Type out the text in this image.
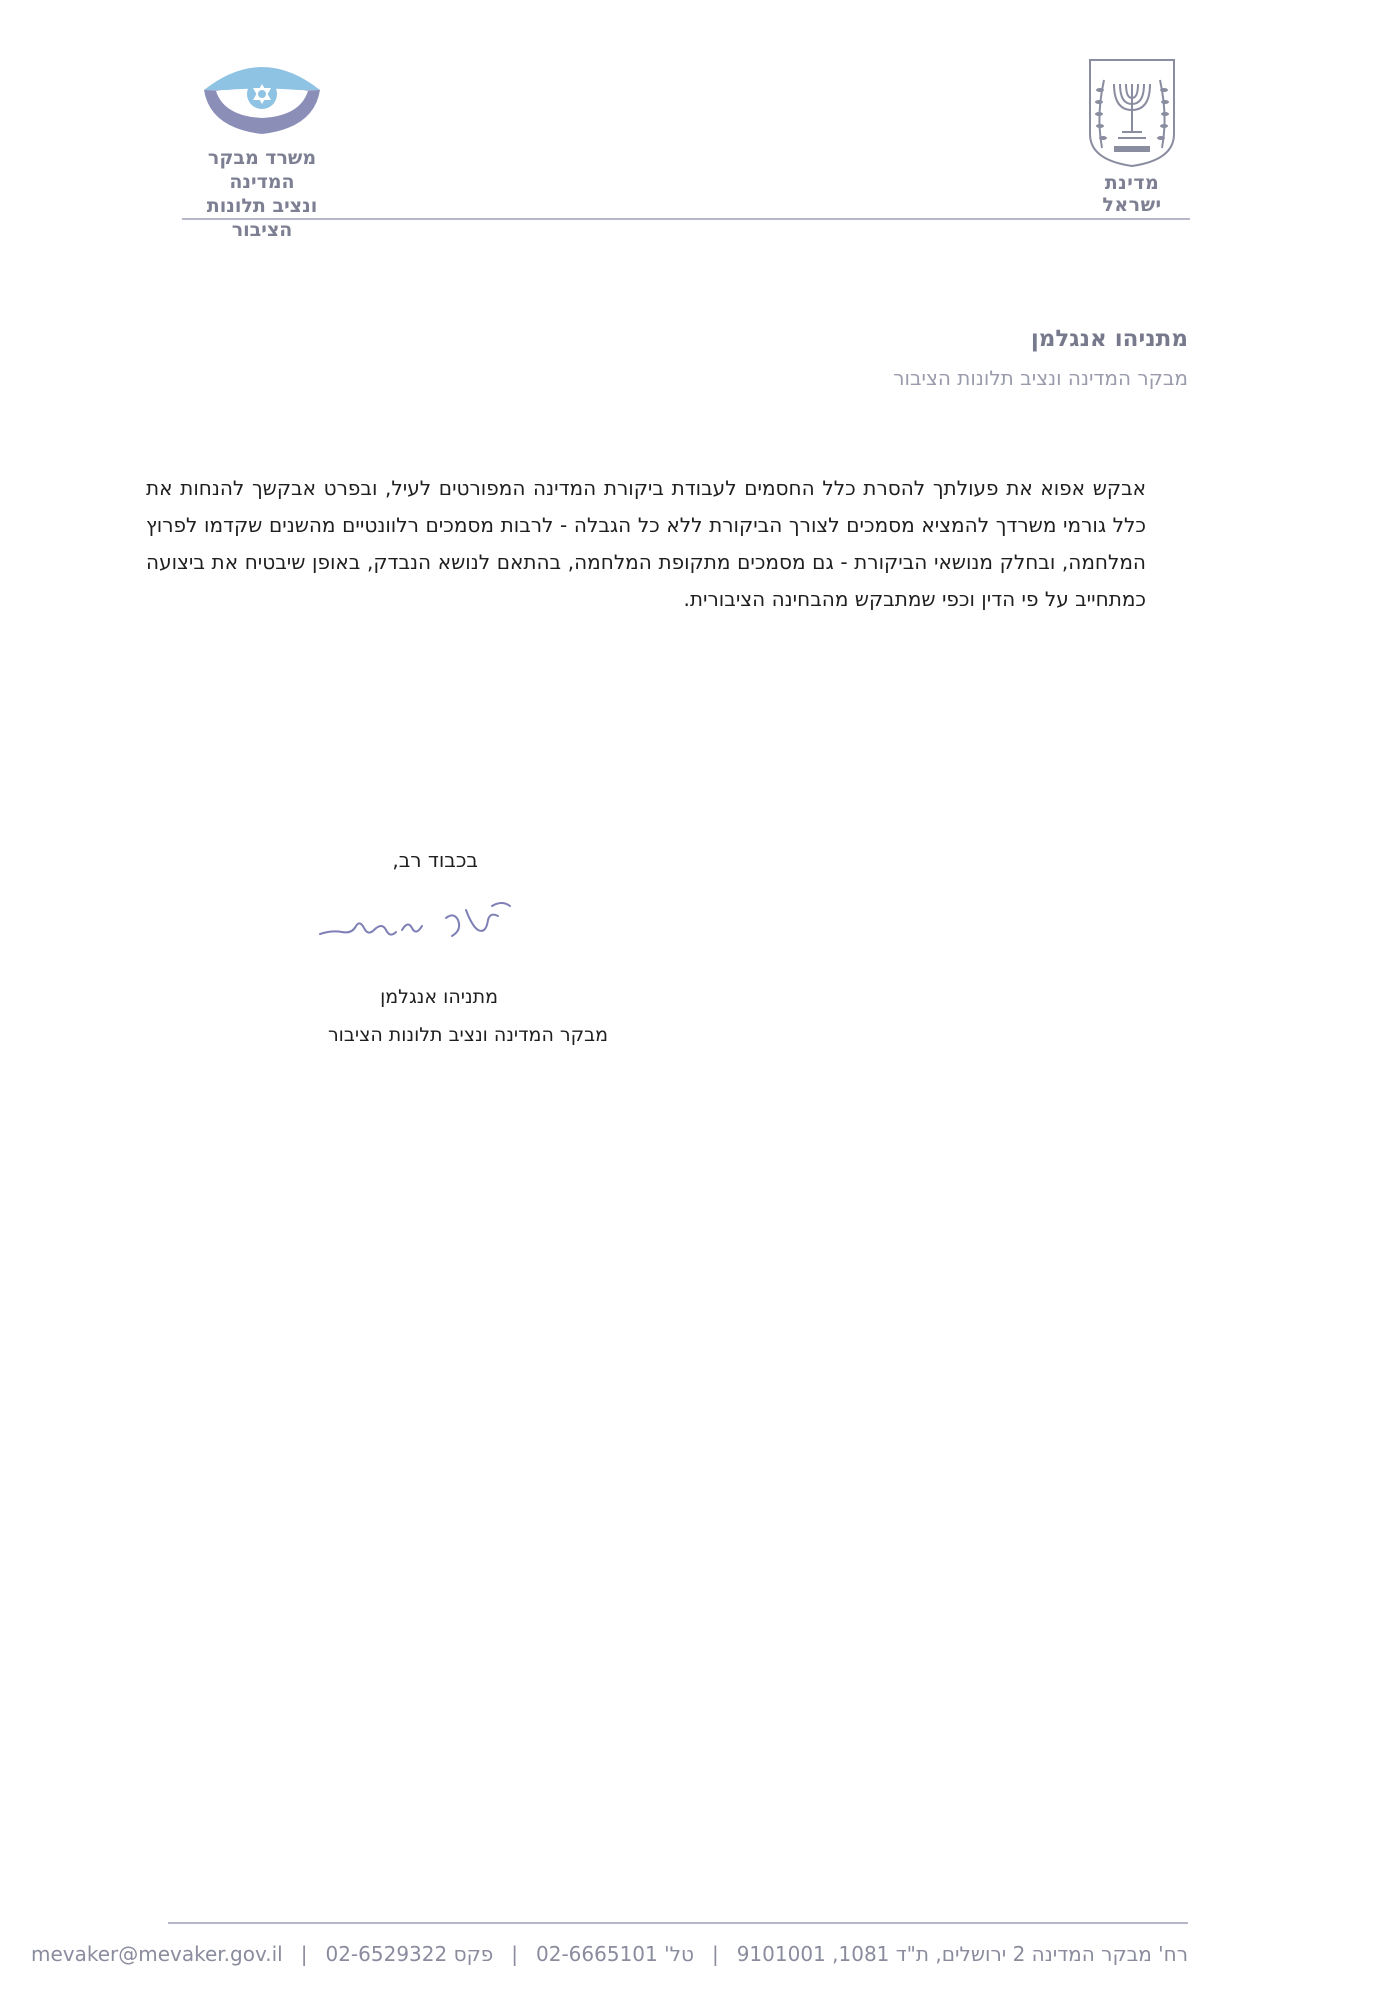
מדינת ישראל
משרד מבקר המדינה
ונציב תלונות הציבור
מתניהו אנגלמן
מבקר המדינה ונציב תלונות הציבור

אבקש אפוא את פעולתך להסרת כלל החסמים לעבודת ביקורת המדינה המפורטים לעיל, ובפרט אבקשך להנחות את כלל גורמי משרדך להמציא מסמכים לצורך הביקורת ללא כל הגבלה - לרבות מסמכים רלוונטיים מהשנים שקדמו לפרוץ המלחמה, ובחלק מנושאי הביקורת - גם מסמכים מתקופת המלחמה, בהתאם לנושא הנבדק, באופן שיבטיח את ביצועה כמתחייב על פי הדין וכפי שמתבקש מהבחינה הציבורית.

בכבוד רב,
מתניהו אנגלמן
מבקר המדינה ונציב תלונות הציבור
רח' מבקר המדינה 2 ירושלים, ת"ד 1081, 9101001
|
טל' 02-6665101
|
פקס 02-6529322
|
mevaker@mevaker.gov.il
